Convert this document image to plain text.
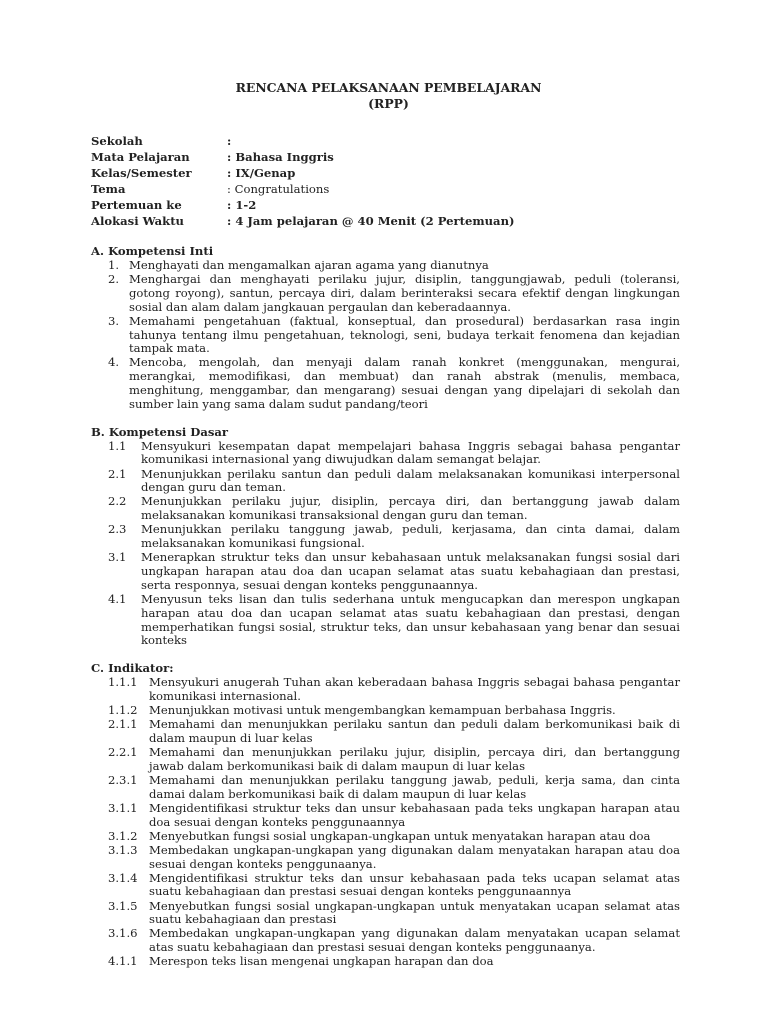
RENCANA PELAKSANAAN PEMBELAJARAN
(RPP)
Sekolah	:
Mata Pelajaran	: Bahasa Inggris
Kelas/Semester	: IX/Genap
Tema	: Congratulations
Pertemuan ke	: 1-2
Alokasi Waktu	: 4 Jam pelajaran @ 40 Menit (2 Pertemuan)
A. Kompetensi Inti
1. Menghayati dan mengamalkan ajaran agama yang dianutnya
2. Menghargai dan menghayati perilaku jujur, disiplin, tanggungjawab, peduli (toleransi, gotong royong), santun, percaya diri, dalam berinteraksi secara efektif dengan lingkungan sosial dan alam dalam jangkauan pergaulan dan keberadaannya.
3. Memahami pengetahuan (faktual, konseptual, dan prosedural) berdasarkan rasa ingin tahunya tentang ilmu pengetahuan, teknologi, seni, budaya terkait fenomena dan kejadian tampak mata.
4. Mencoba, mengolah, dan menyaji dalam ranah konkret (menggunakan, mengurai, merangkai, memodifikasi, dan membuat) dan ranah abstrak (menulis, membaca, menghitung, menggambar, dan mengarang) sesuai dengan yang dipelajari di sekolah dan sumber lain yang sama dalam sudut pandang/teori
B. Kompetensi Dasar
1.1	Mensyukuri kesempatan dapat mempelajari bahasa Inggris sebagai bahasa pengantar komunikasi internasional yang diwujudkan dalam semangat belajar.
2.1	Menunjukkan perilaku santun dan peduli dalam melaksanakan komunikasi interpersonal dengan guru dan teman.
2.2	Menunjukkan perilaku jujur, disiplin, percaya diri, dan bertanggung jawab dalam melaksanakan komunikasi transaksional dengan guru dan teman.
2.3	Menunjukkan perilaku tanggung jawab, peduli, kerjasama, dan cinta damai, dalam melaksanakan komunikasi fungsional.
3.1	Menerapkan struktur teks dan unsur kebahasaan untuk melaksanakan fungsi sosial dari ungkapan harapan atau doa dan ucapan selamat atas suatu kebahagiaan dan prestasi, serta responnya, sesuai dengan konteks penggunaannya.
4.1	Menyusun teks lisan dan tulis sederhana untuk mengucapkan dan merespon ungkapan harapan atau doa dan ucapan selamat atas suatu kebahagiaan dan prestasi, dengan memperhatikan fungsi sosial, struktur teks, dan unsur kebahasaan yang benar dan sesuai konteks
C. Indikator:
1.1.1 Mensyukuri anugerah Tuhan akan keberadaan bahasa Inggris sebagai bahasa pengantar komunikasi internasional.
1.1.2 Menunjukkan motivasi untuk mengembangkan kemampuan berbahasa Inggris.
2.1.1 Memahami dan menunjukkan perilaku santun dan peduli dalam berkomunikasi baik di dalam maupun di luar kelas
2.2.1 Memahami dan menunjukkan perilaku jujur, disiplin, percaya diri, dan bertanggung jawab dalam berkomunikasi baik di dalam maupun di luar kelas
2.3.1 Memahami dan menunjukkan perilaku tanggung jawab, peduli, kerja sama, dan cinta damai dalam berkomunikasi baik di dalam maupun di luar kelas
3.1.1 Mengidentifikasi struktur teks dan unsur kebahasaan pada teks ungkapan harapan atau doa sesuai dengan konteks penggunaannya
3.1.2 Menyebutkan fungsi sosial ungkapan-ungkapan untuk menyatakan harapan atau doa
3.1.3 Membedakan ungkapan-ungkapan yang digunakan dalam menyatakan harapan atau doa sesuai dengan konteks penggunaanya.
3.1.4 Mengidentifikasi struktur teks dan unsur kebahasaan pada teks ucapan selamat atas suatu kebahagiaan dan prestasi sesuai dengan konteks penggunaannya
3.1.5 Menyebutkan fungsi sosial ungkapan-ungkapan untuk menyatakan ucapan selamat atas suatu kebahagiaan dan prestasi
3.1.6 Membedakan ungkapan-ungkapan yang digunakan dalam menyatakan ucapan selamat atas suatu kebahagiaan dan prestasi sesuai dengan konteks penggunaanya.
4.1.1 Merespon teks lisan mengenai ungkapan harapan dan doa
